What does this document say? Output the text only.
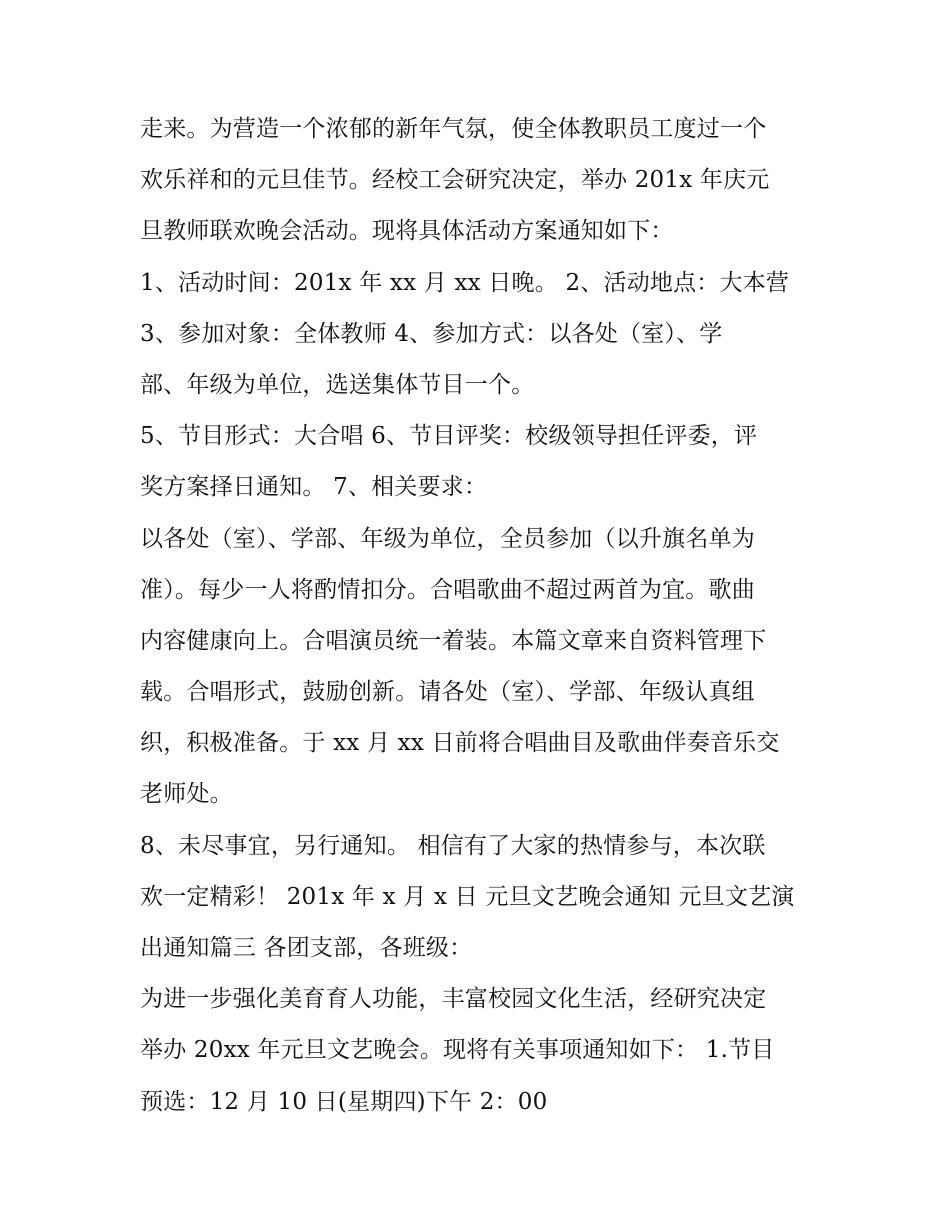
走来。为营造一个浓郁的新年气氛，使全体教职员工度过一个
欢乐祥和的元旦佳节。经校工会研究决定，举办 201x 年庆元
旦教师联欢晚会活动。现将具体活动方案通知如下：
1、活动时间：201x 年 xx 月 xx 日晚。 2、活动地点：大本营
3、参加对象：全体教师 4、参加方式：以各处（室）、学
部、年级为单位，选送集体节目一个。
5、节目形式：大合唱 6、节目评奖：校级领导担任评委，评
奖方案择日通知。 7、相关要求：
以各处（室）、学部、年级为单位，全员参加（以升旗名单为
准）。每少一人将酌情扣分。合唱歌曲不超过两首为宜。歌曲
内容健康向上。合唱演员统一着装。本篇文章来自资料管理下
载。合唱形式，鼓励创新。请各处（室）、学部、年级认真组
织，积极准备。于 xx 月 xx 日前将合唱曲目及歌曲伴奏音乐交
老师处。
8、未尽事宜，另行通知。 相信有了大家的热情参与，本次联
欢一定精彩！ 201x 年 x 月 x 日 元旦文艺晚会通知 元旦文艺演
出通知篇三 各团支部，各班级：
为进一步强化美育育人功能，丰富校园文化生活，经研究决定
举办 20xx 年元旦文艺晚会。现将有关事项通知如下： 1.节目
预选：12 月 10 日(星期四)下午 2：00
